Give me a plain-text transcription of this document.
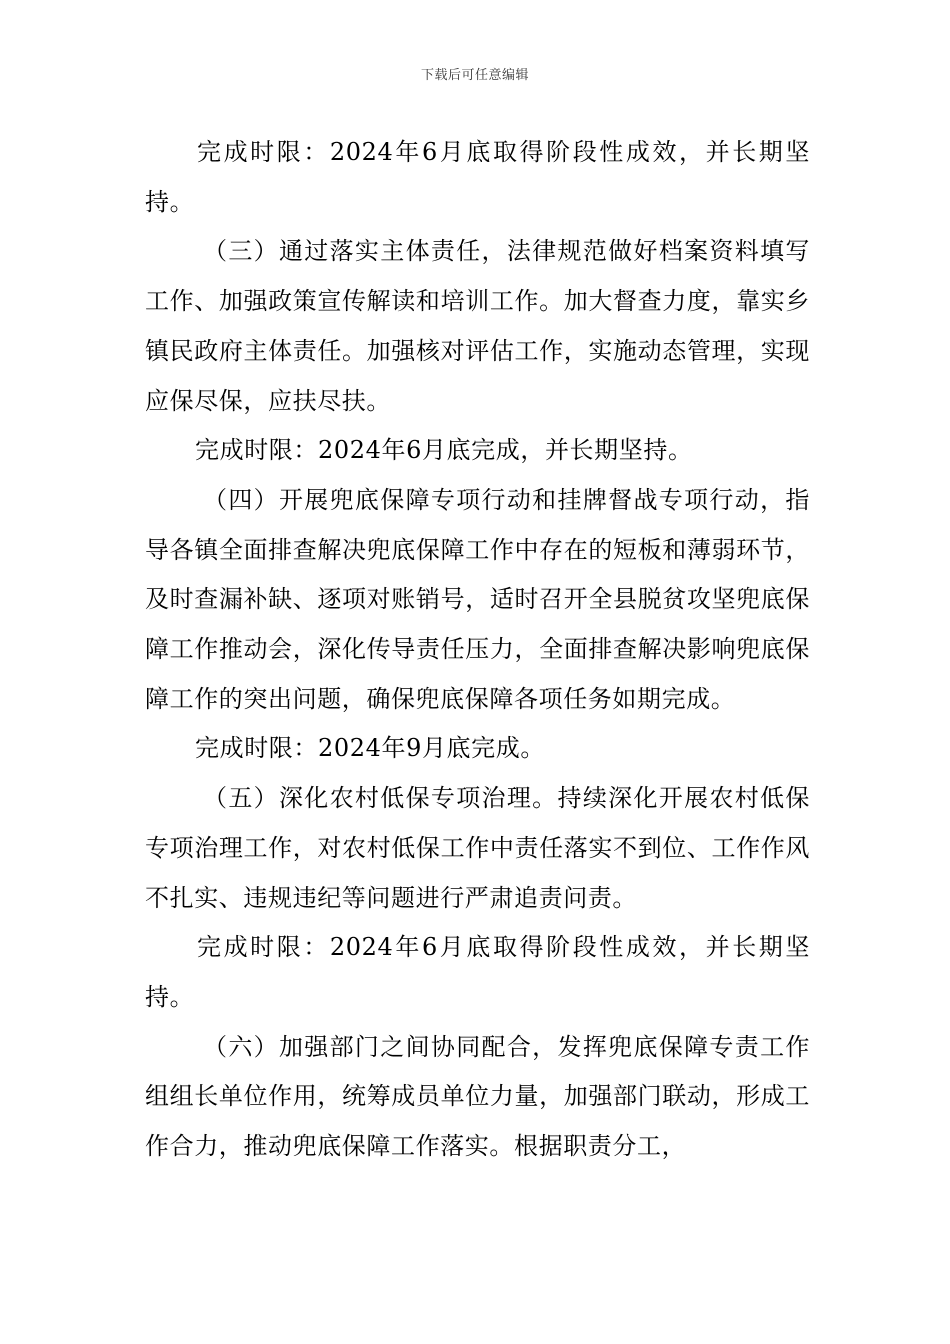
下载后可任意编辑

完成时限：2024年6月底取得阶段性成效，并长期坚持。

（三）通过落实主体责任，法律规范做好档案资料填写工作、加强政策宣传解读和培训工作。加大督查力度，靠实乡镇民政府主体责任。加强核对评估工作，实施动态管理，实现应保尽保，应扶尽扶。

完成时限：2024年6月底完成，并长期坚持。

（四）开展兜底保障专项行动和挂牌督战专项行动，指导各镇全面排查解决兜底保障工作中存在的短板和薄弱环节，及时查漏补缺、逐项对账销号，适时召开全县脱贫攻坚兜底保障工作推动会，深化传导责任压力，全面排查解决影响兜底保障工作的突出问题，确保兜底保障各项任务如期完成。

完成时限：2024年9月底完成。

（五）深化农村低保专项治理。持续深化开展农村低保专项治理工作，对农村低保工作中责任落实不到位、工作作风不扎实、违规违纪等问题进行严肃追责问责。

完成时限：2024年6月底取得阶段性成效，并长期坚持。

（六）加强部门之间协同配合，发挥兜底保障专责工作组组长单位作用，统筹成员单位力量，加强部门联动，形成工作合力，推动兜底保障工作落实。根据职责分工，
